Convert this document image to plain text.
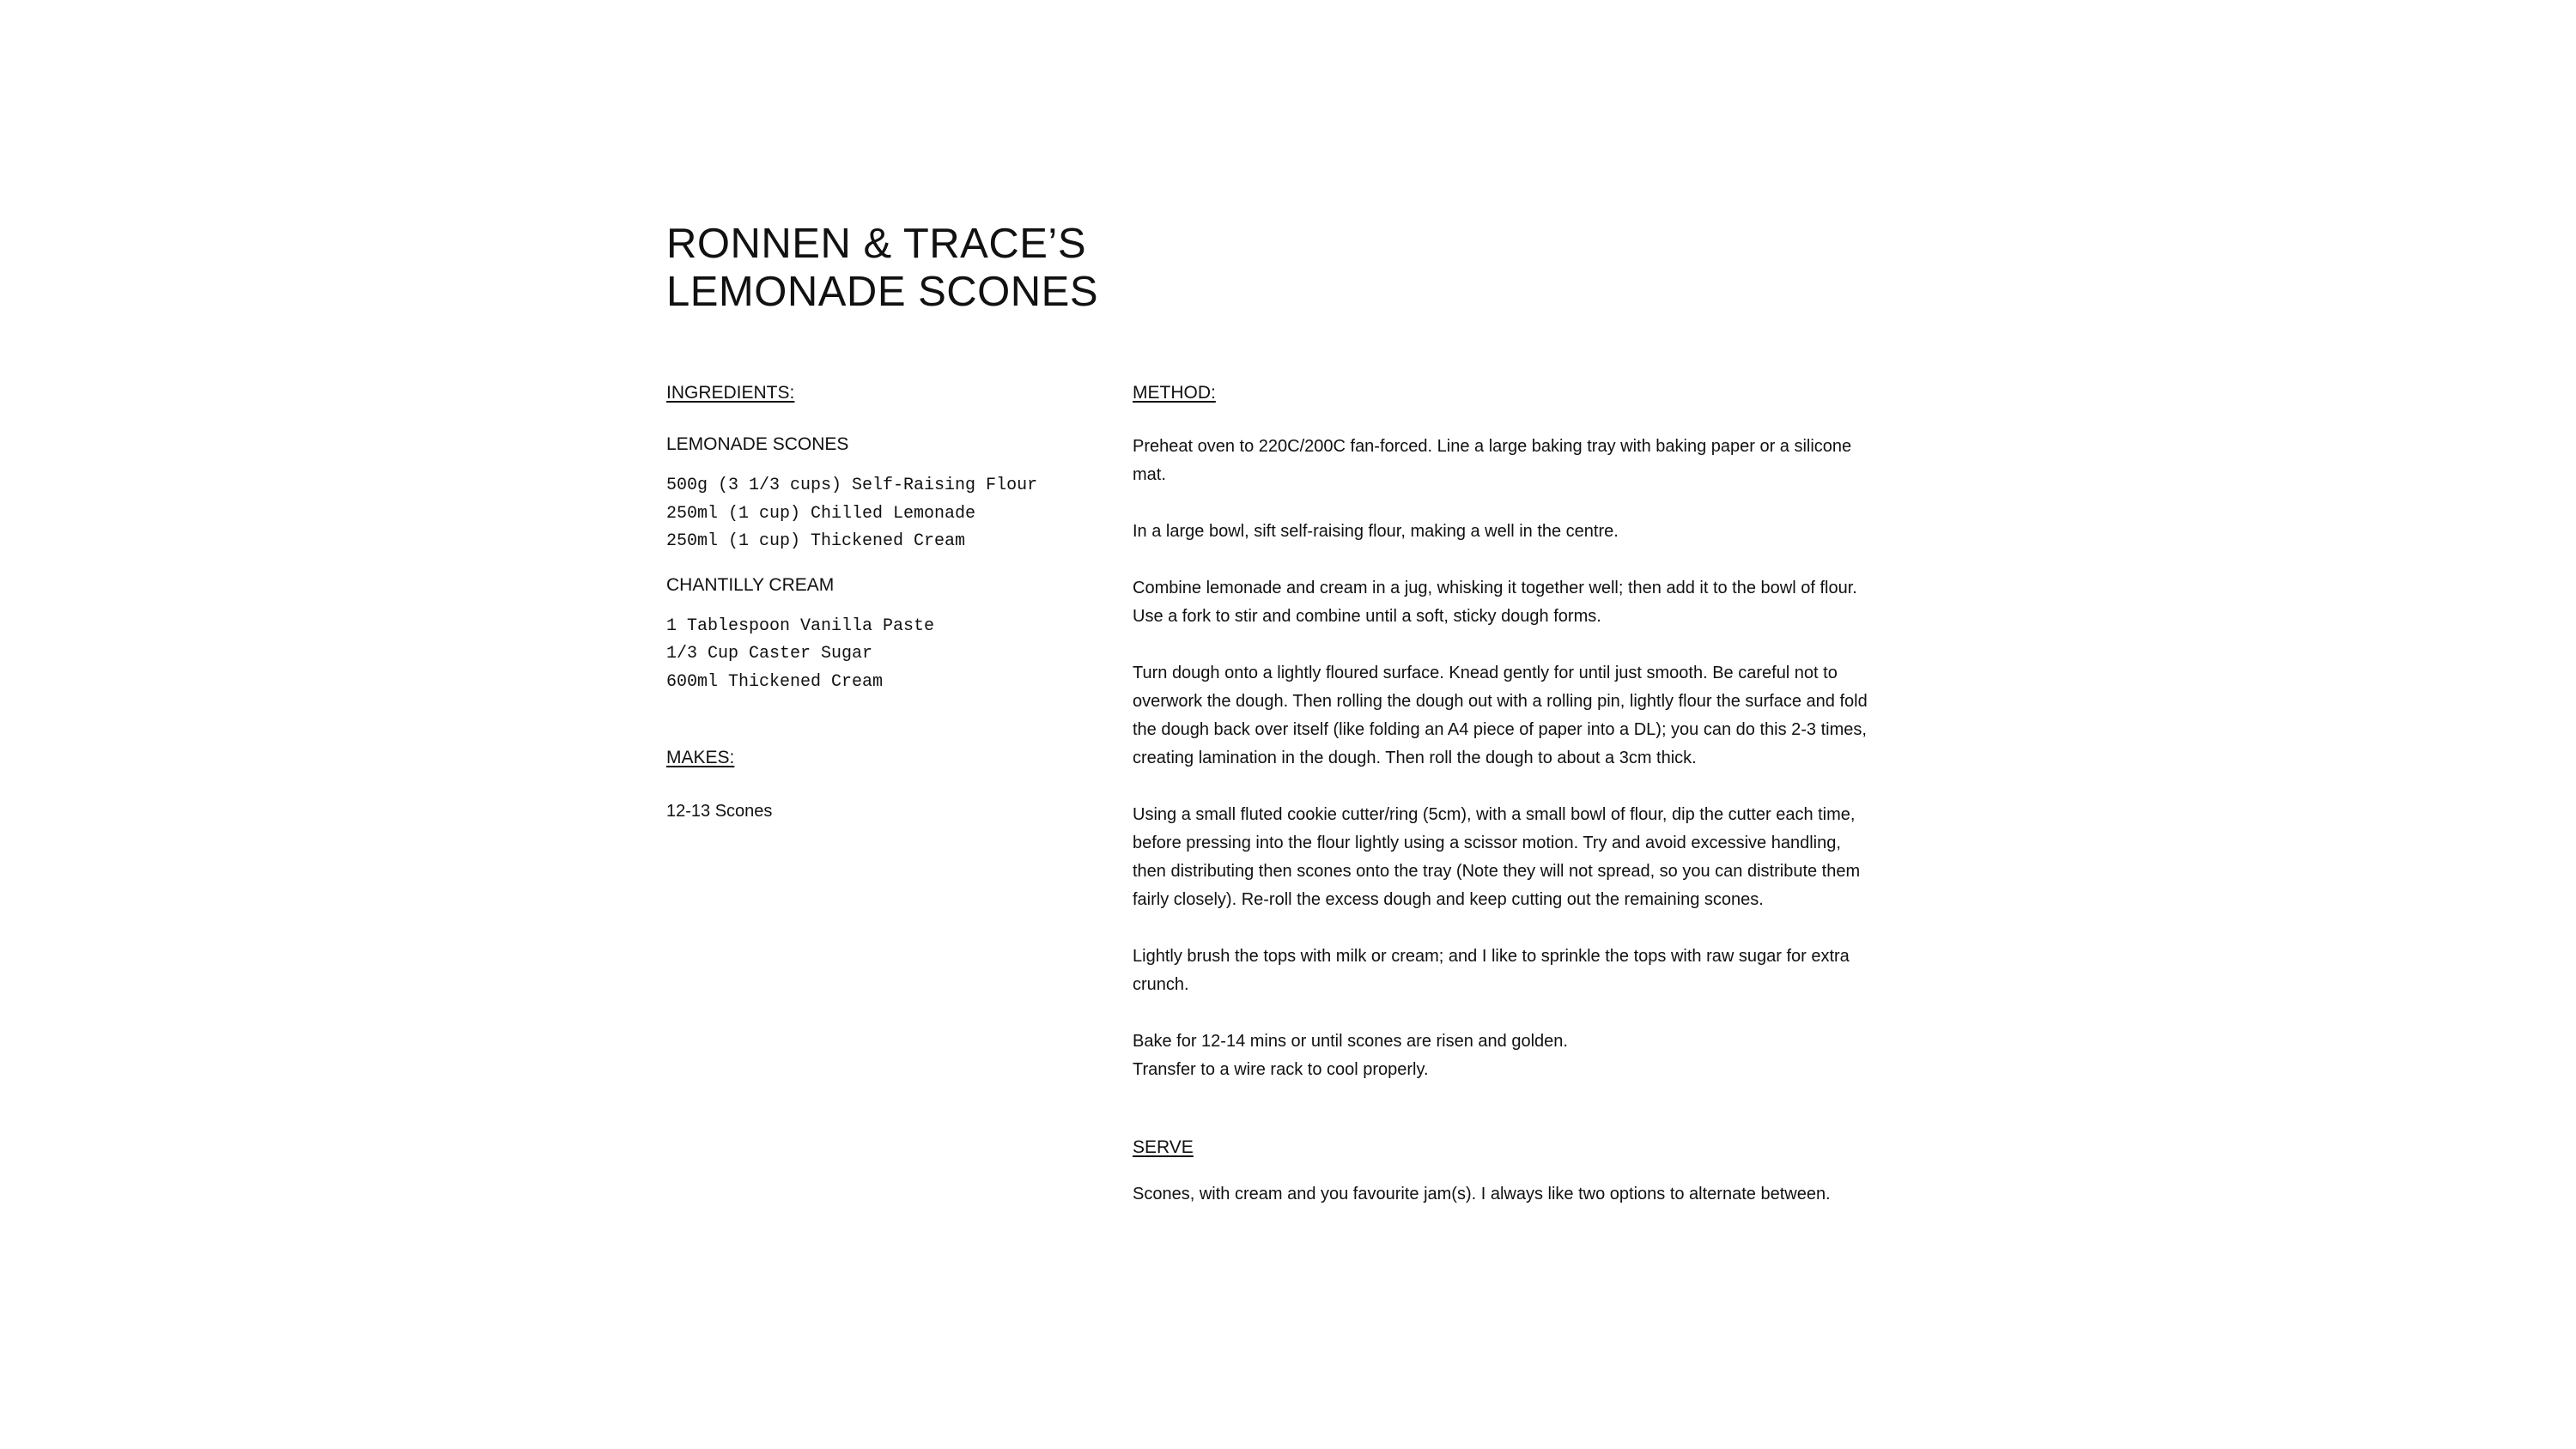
RONNEN & TRACE’S
LEMONADE SCONES

INGREDIENTS:

LEMONADE SCONES

500g (3 1/3 cups) Self-Raising Flour
250ml (1 cup) Chilled Lemonade
250ml (1 cup) Thickened Cream

CHANTILLY CREAM

1 Tablespoon Vanilla Paste
1/3 Cup Caster Sugar
600ml Thickened Cream

MAKES:

12-13 Scones

METHOD:

Preheat oven to 220C/200C fan-forced. Line a large baking tray with baking paper or a silicone mat.

In a large bowl, sift self-raising flour, making a well in the centre.

Combine lemonade and cream in a jug, whisking it together well; then add it to the bowl of flour. Use a fork to stir and combine until a soft, sticky dough forms.

Turn dough onto a lightly floured surface. Knead gently for until just smooth. Be careful not to overwork the dough. Then rolling the dough out with a rolling pin, lightly flour the surface and fold the dough back over itself (like folding an A4 piece of paper into a DL); you can do this 2-3 times, creating lamination in the dough. Then roll the dough to about a 3cm thick.

Using a small fluted cookie cutter/ring (5cm), with a small bowl of flour, dip the cutter each time, before pressing into the flour lightly using a scissor motion. Try and avoid excessive handling, then distributing then scones onto the tray (Note they will not spread, so you can distribute them fairly closely). Re-roll the excess dough and keep cutting out the remaining scones.

Lightly brush the tops with milk or cream; and I like to sprinkle the tops with raw sugar for extra crunch.

Bake for 12-14 mins or until scones are risen and golden.

Transfer to a wire rack to cool properly.

SERVE

Scones, with cream and you favourite jam(s). I always like two options to alternate between.
